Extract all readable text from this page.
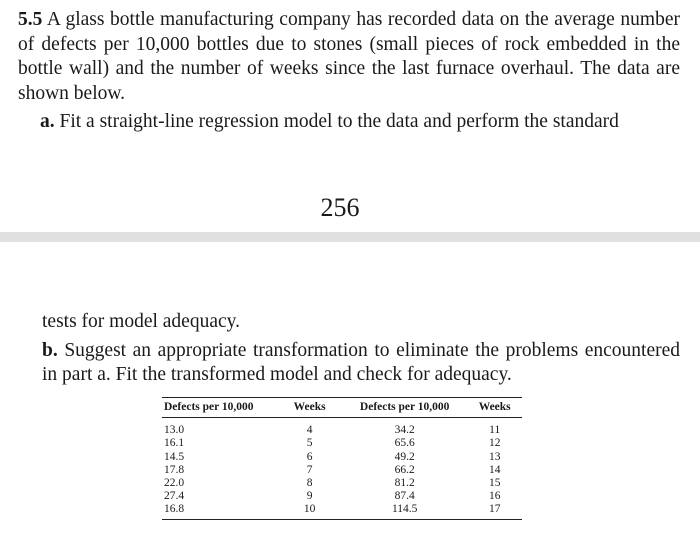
5.5 A glass bottle manufacturing company has recorded data on the average number of defects per 10,000 bottles due to stones (small pieces of rock embedded in the bottle wall) and the number of weeks since the last furnace overhaul. The data are shown below.

a. Fit a straight-line regression model to the data and perform the standard

256

tests for model adequacy.

b. Suggest an appropriate transformation to eliminate the problems encountered in part a. Fit the transformed model and check for adequacy.

Defects per 10,000	Weeks	Defects per 10,000	Weeks
13.0	4	34.2	11
16.1	5	65.6	12
14.5	6	49.2	13
17.8	7	66.2	14
22.0	8	81.2	15
27.4	9	87.4	16
16.8	10	114.5	17
